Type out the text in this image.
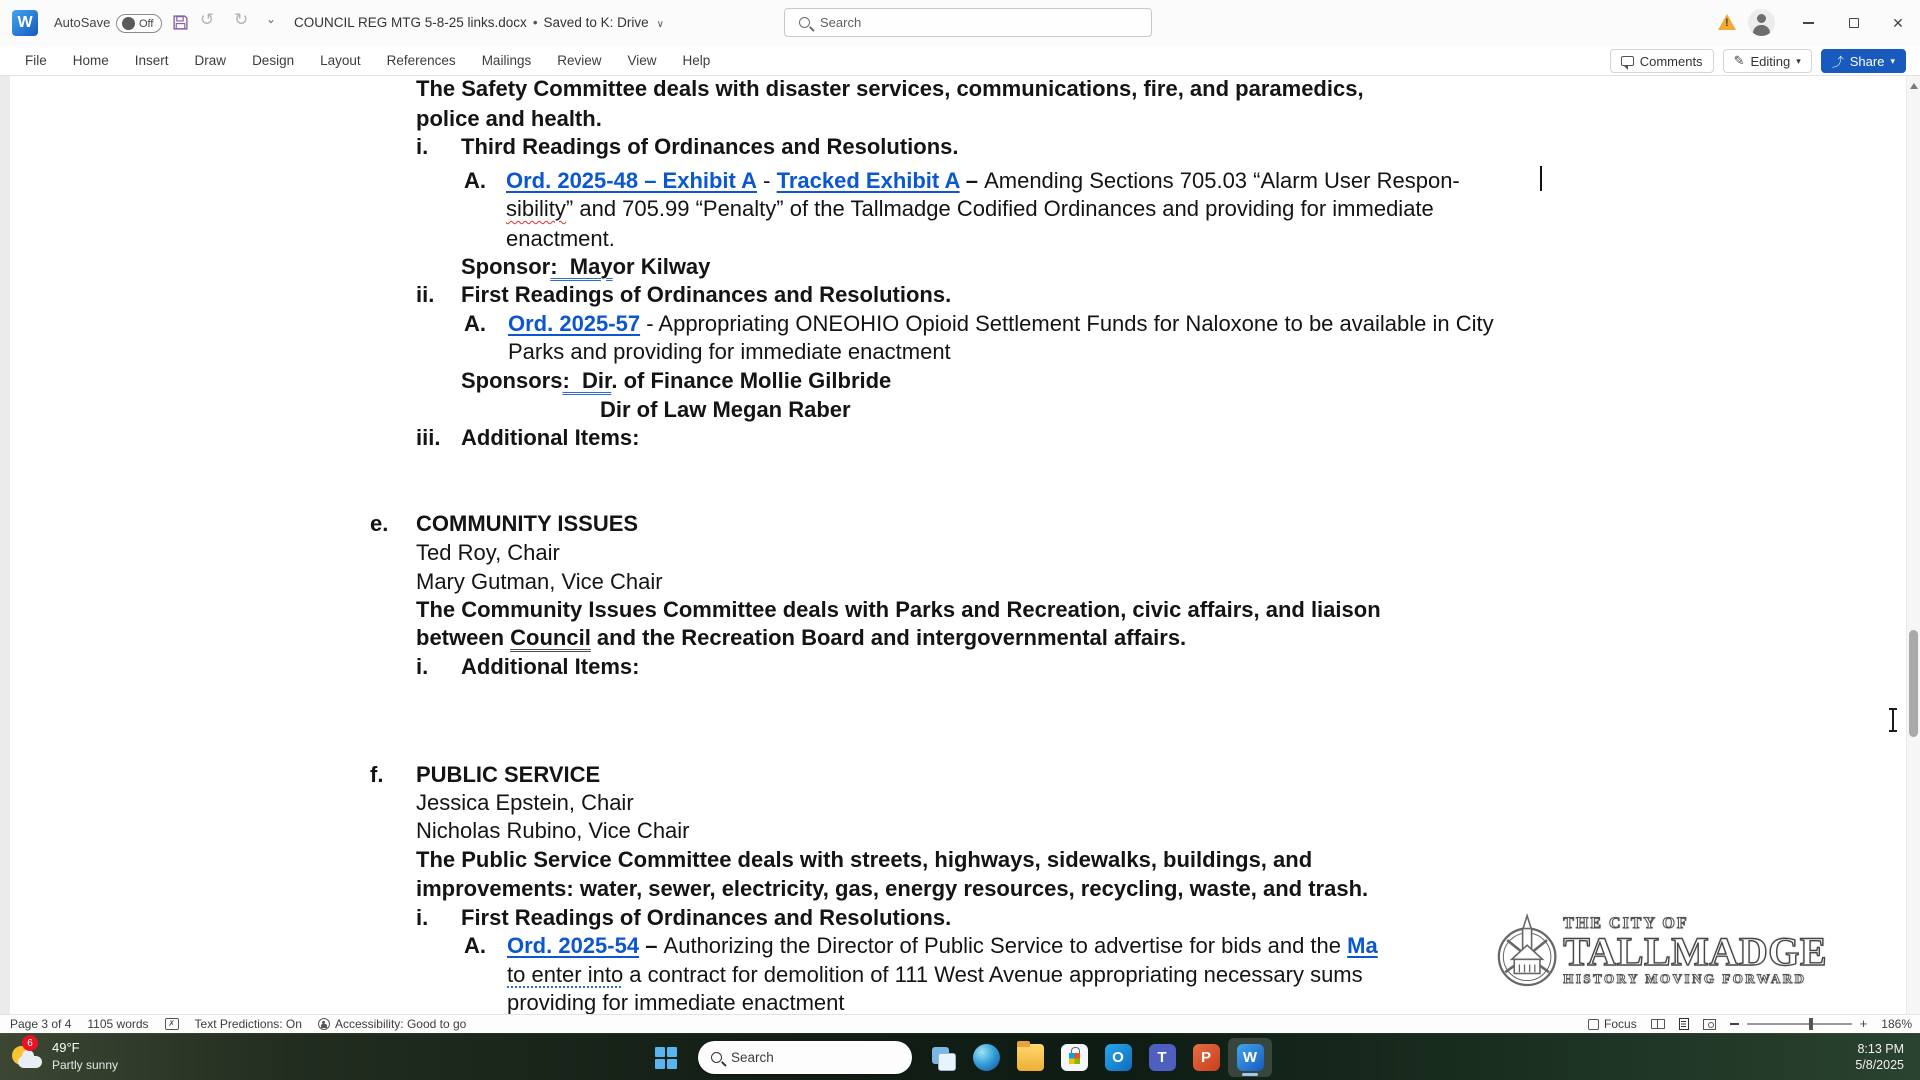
W	AutoSave	Off	↺ ↻ ⌄ COUNCIL REG MTG 5-8-25 links.docx • Saved to K: Drive ∨	Search !	✕
File	Home	Insert	Draw	Design	Layout	References	Mailings	Review	View	Help	Comments ✎ Editing ▾	⤴ Share ▾
The Safety Committee deals with disaster services, communications, fire, and paramedics,
police and health.
i. Third Readings of Ordinances and Resolutions.
A. Ord. 2025-48 – Exhibit A - Tracked Exhibit A – Amending Sections 705.03 “Alarm User Respon-
sibility” and 705.99 “Penalty” of the Tallmadge Codified Ordinances and providing for immediate
enactment.
Sponsor:  Mayor Kilway
ii. First Readings of Ordinances and Resolutions.
A. Ord. 2025-57 - Appropriating ONEOHIO Opioid Settlement Funds for Naloxone to be available in City
Parks and providing for immediate enactment
Sponsors:  Dir. of Finance Mollie Gilbride
Dir of Law Megan Raber
iii. Additional Items:
e. COMMUNITY ISSUES
Ted Roy, Chair
Mary Gutman, Vice Chair
The Community Issues Committee deals with Parks and Recreation, civic affairs, and liaison
between Council and the Recreation Board and intergovernmental affairs.
i. Additional Items:
f. PUBLIC SERVICE
Jessica Epstein, Chair
Nicholas Rubino, Vice Chair
The Public Service Committee deals with streets, highways, sidewalks, buildings, and
improvements: water, sewer, electricity, gas, energy resources, recycling, waste, and trash.
i. First Readings of Ordinances and Resolutions.
A. Ord. 2025-54 – Authorizing the Director of Public Service to advertise for bids and the Ma
to enter into a contract for demolition of 111 West Avenue appropriating necessary sums
providing for immediate enactment
THE CITY OF
TALLMADGE
HISTORY MOVING FORWARD
Page 3 of 4 1105 words	✗	Text Predictions: On	Accessibility: Good to go	Focus	+ 186%
6	49°F
Partly sunny	Search	O	T	P	W	8:13 PM
5/8/2025
